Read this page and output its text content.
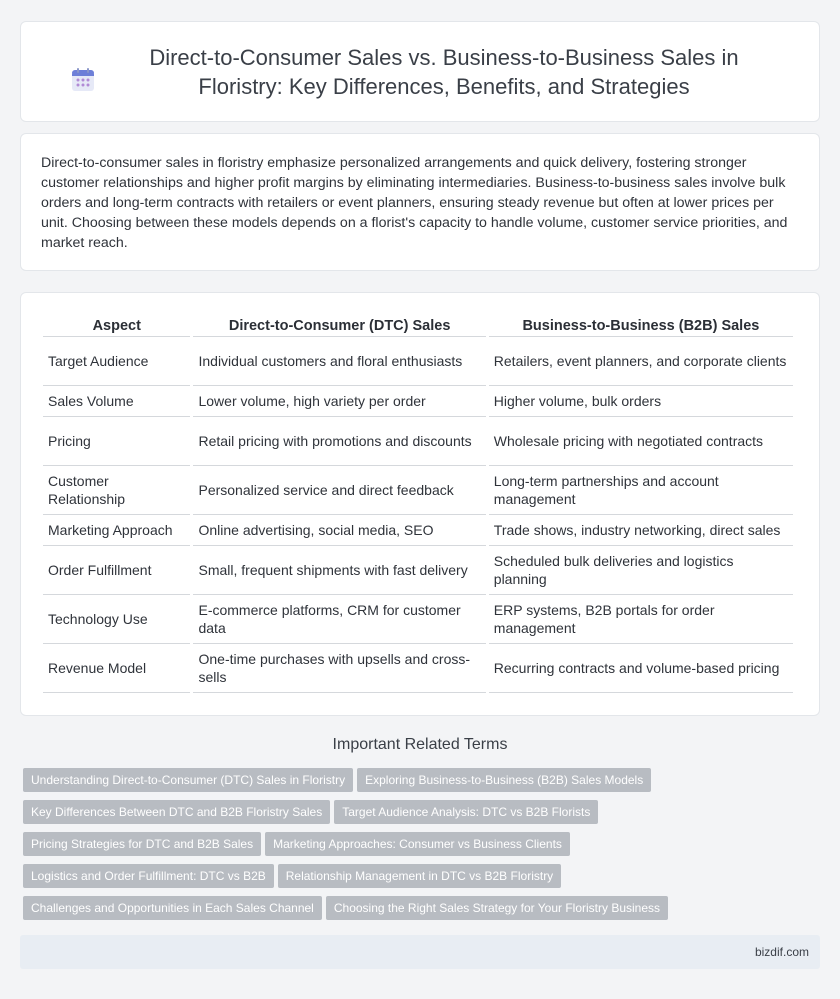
Direct-to-Consumer Sales vs. Business-to-Business Sales in Floristry: Key Differences, Benefits, and Strategies

Direct-to-consumer sales in floristry emphasize personalized arrangements and quick delivery, fostering stronger customer relationships and higher profit margins by eliminating intermediaries. Business-to-business sales involve bulk orders and long-term contracts with retailers or event planners, ensuring steady revenue but often at lower prices per unit. Choosing between these models depends on a florist's capacity to handle volume, customer service priorities, and market reach.

Aspect	Direct-to-Consumer (DTC) Sales	Business-to-Business (B2B) Sales
Target Audience	Individual customers and floral enthusiasts	Retailers, event planners, and corporate clients
Sales Volume	Lower volume, high variety per order	Higher volume, bulk orders
Pricing	Retail pricing with promotions and discounts	Wholesale pricing with negotiated contracts
Customer Relationship	Personalized service and direct feedback	Long-term partnerships and account management
Marketing Approach	Online advertising, social media, SEO	Trade shows, industry networking, direct sales
Order Fulfillment	Small, frequent shipments with fast delivery	Scheduled bulk deliveries and logistics planning
Technology Use	E-commerce platforms, CRM for customer data	ERP systems, B2B portals for order management
Revenue Model	One-time purchases with upsells and cross-sells	Recurring contracts and volume-based pricing
Important Related Terms
Understanding Direct-to-Consumer (DTC) Sales in Floristry Exploring Business-to-Business (B2B) Sales Models
Key Differences Between DTC and B2B Floristry Sales Target Audience Analysis: DTC vs B2B Florists
Pricing Strategies for DTC and B2B Sales Marketing Approaches: Consumer vs Business Clients
Logistics and Order Fulfillment: DTC vs B2B Relationship Management in DTC vs B2B Floristry
Challenges and Opportunities in Each Sales Channel Choosing the Right Sales Strategy for Your Floristry Business
bizdif.com
